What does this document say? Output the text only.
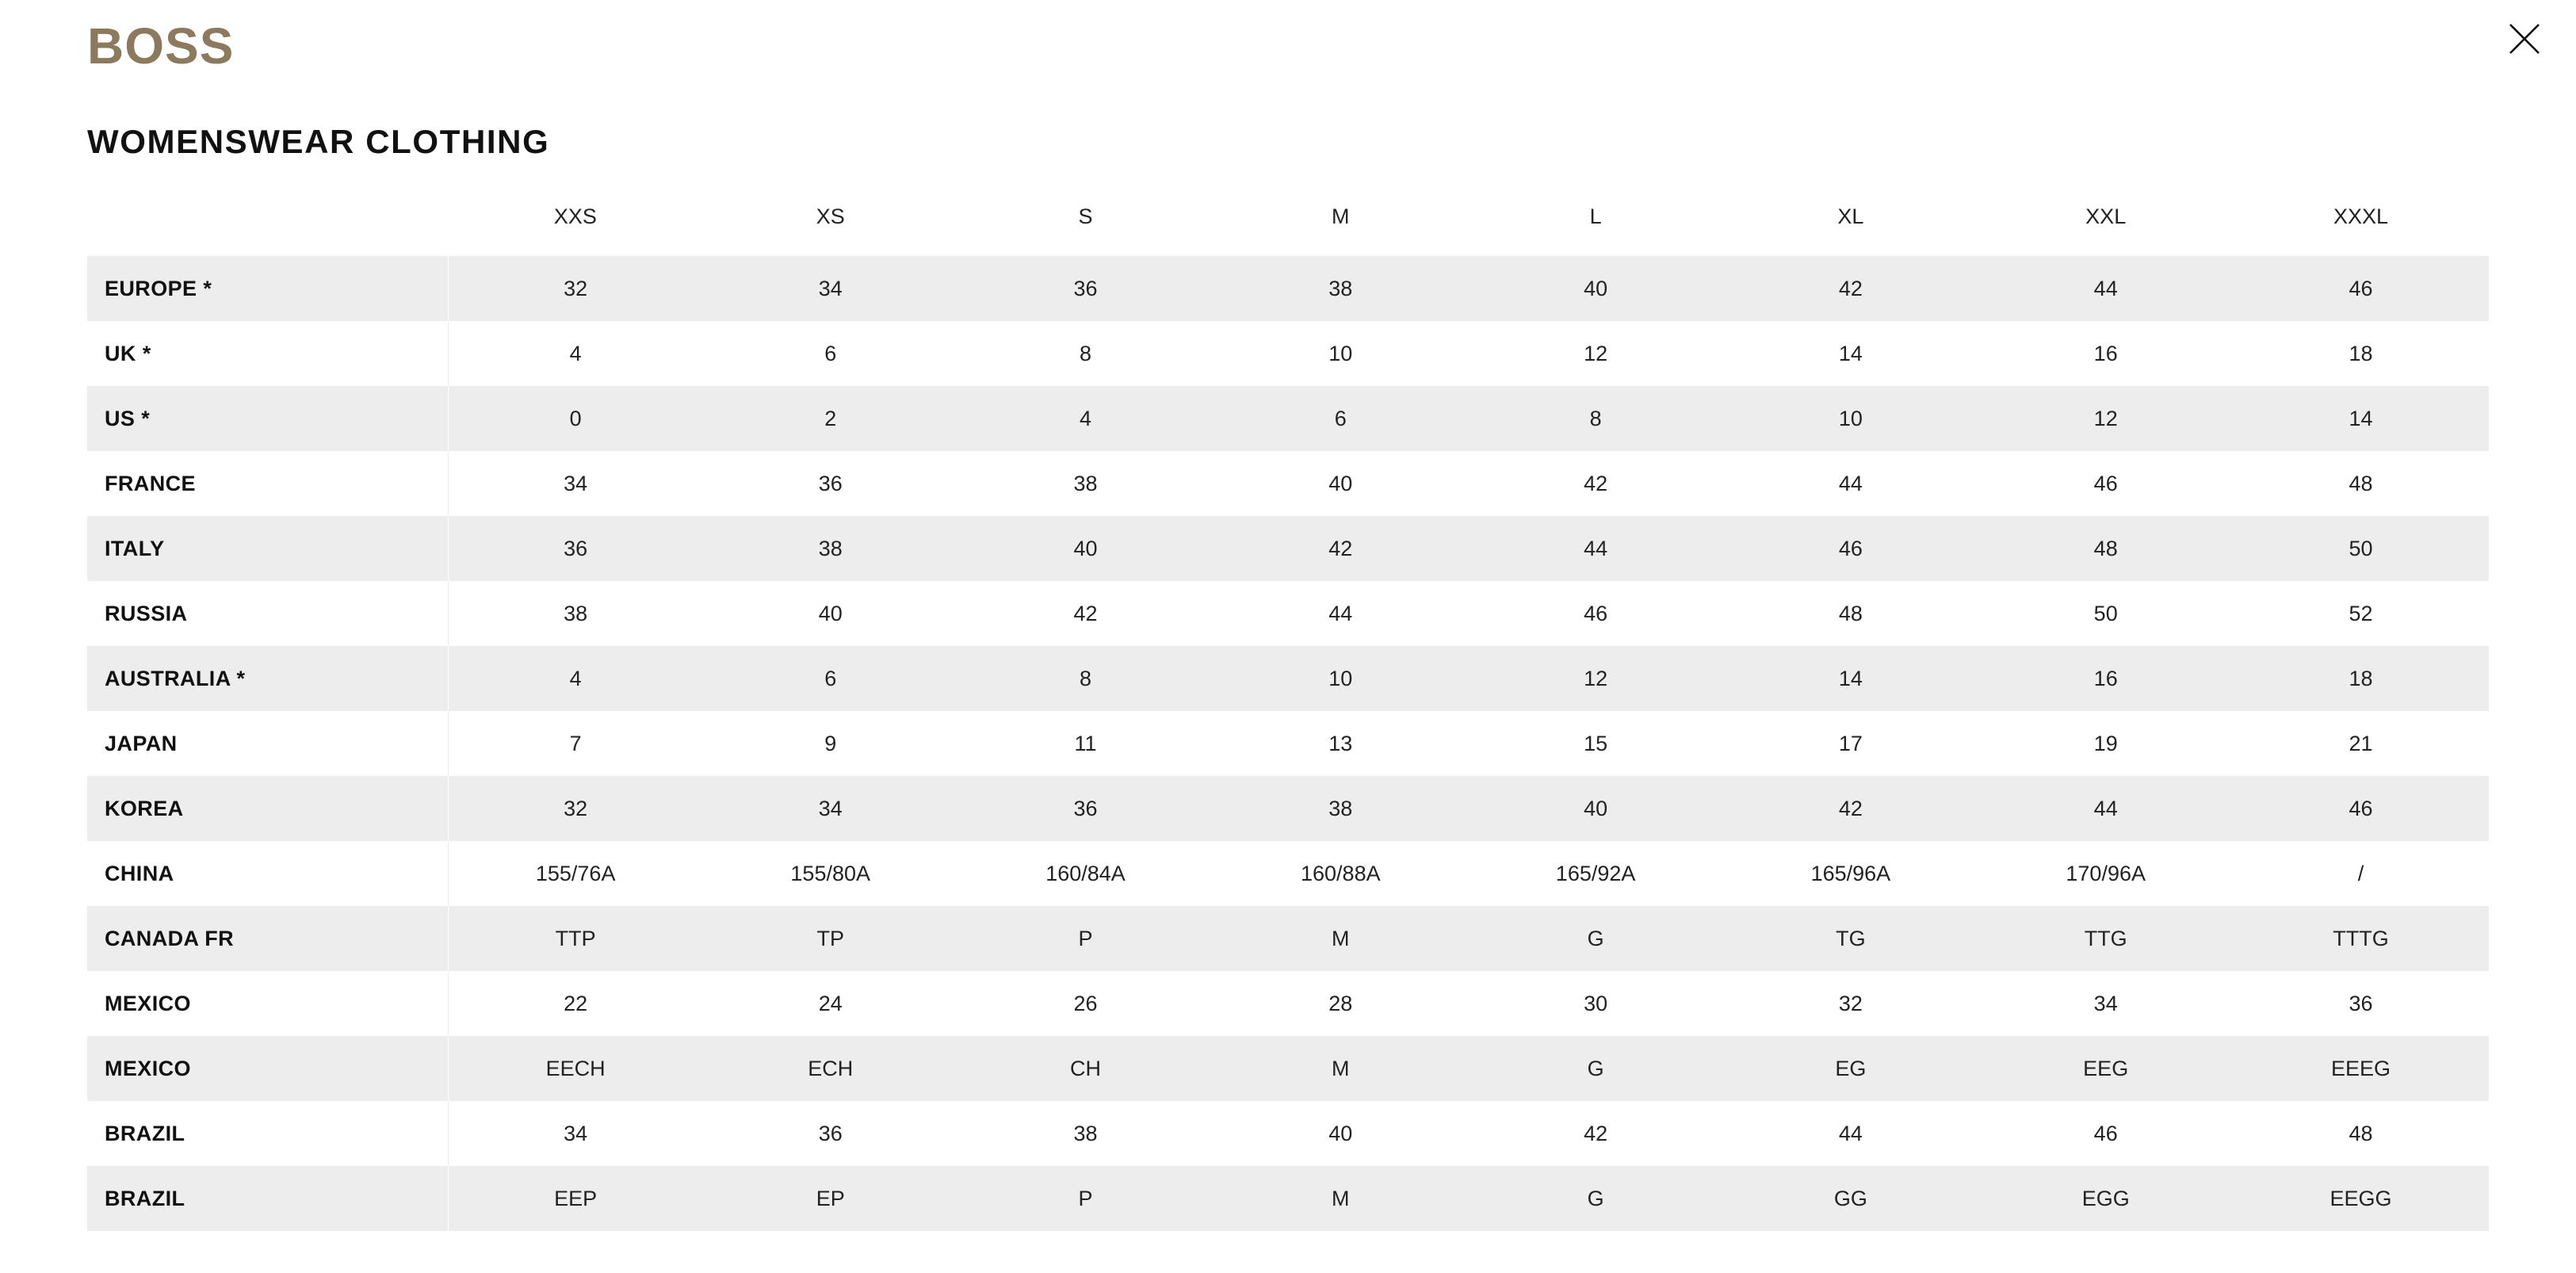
BOSS
WOMENSWEAR CLOTHING
	XXS	XS	S	M	L	XL	XXL	XXXL
EUROPE *	32	34	36	38	40	42	44	46
UK *	4	6	8	10	12	14	16	18
US *	0	2	4	6	8	10	12	14
FRANCE	34	36	38	40	42	44	46	48
ITALY	36	38	40	42	44	46	48	50
RUSSIA	38	40	42	44	46	48	50	52
AUSTRALIA *	4	6	8	10	12	14	16	18
JAPAN	7	9	11	13	15	17	19	21
KOREA	32	34	36	38	40	42	44	46
CHINA	155/76A	155/80A	160/84A	160/88A	165/92A	165/96A	170/96A	/
CANADA FR	TTP	TP	P	M	G	TG	TTG	TTTG
MEXICO	22	24	26	28	30	32	34	36
MEXICO	EECH	ECH	CH	M	G	EG	EEG	EEEG
BRAZIL	34	36	38	40	42	44	46	48
BRAZIL	EEP	EP	P	M	G	GG	EGG	EEGG
